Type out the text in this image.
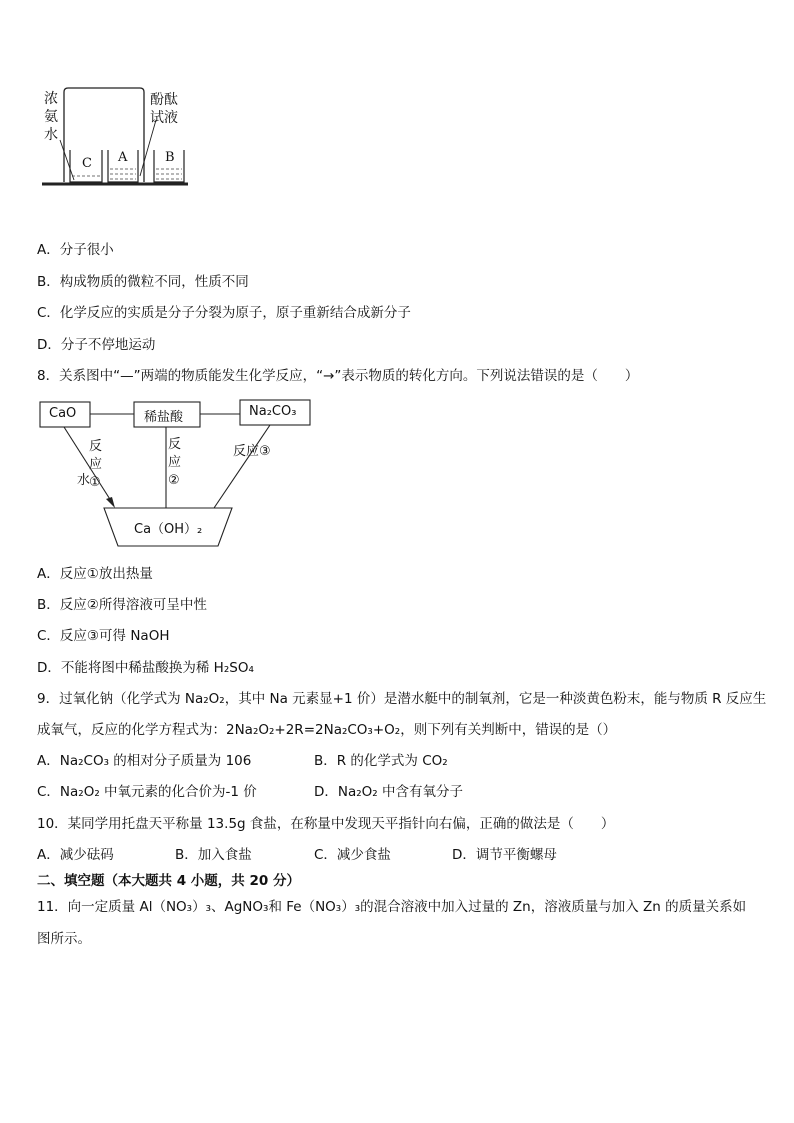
浓氨水
酚酞
试液
C A	B
A．分子很小
B．构成物质的微粒不同，性质不同
C．化学反应的实质是分子分裂为原子，原子重新结合成新分子
D．分子不停地运动
8．关系图中“—”两端的物质能发生化学反应，“→”表示物质的转化方向。下列说法错误的是（　　）
CaO	稀盐酸	Na₂CO₃
Ca（OH）₂
反应①
水
反应②
反应③
A．反应①放出热量
B．反应②所得溶液可呈中性
C．反应③可得 NaOH
D．不能将图中稀盐酸换为稀 H₂SO₄
9．过氧化钠（化学式为 Na₂O₂，其中 Na 元素显+1 价）是潜水艇中的制氧剂，它是一种淡黄色粉末，能与物质 R 反应生
成氧气，反应的化学方程式为：2Na₂O₂+2R=2Na₂CO₃+O₂，则下列有关判断中，错误的是（）
A．Na₂CO₃ 的相对分子质量为 106	B．R 的化学式为 CO₂
C．Na₂O₂ 中氧元素的化合价为-1 价	D．Na₂O₂ 中含有氧分子
10．某同学用托盘天平称量 13.5g 食盐，在称量中发现天平指针向右偏，正确的做法是（　　）
A．减少砝码	B．加入食盐	C．减少食盐	D．调节平衡螺母
二、填空题（本大题共 4 小题，共 20 分）
11．向一定质量 Al（NO₃）₃、AgNO₃和 Fe（NO₃）₃的混合溶液中加入过量的 Zn，溶液质量与加入 Zn 的质量关系如
图所示。
